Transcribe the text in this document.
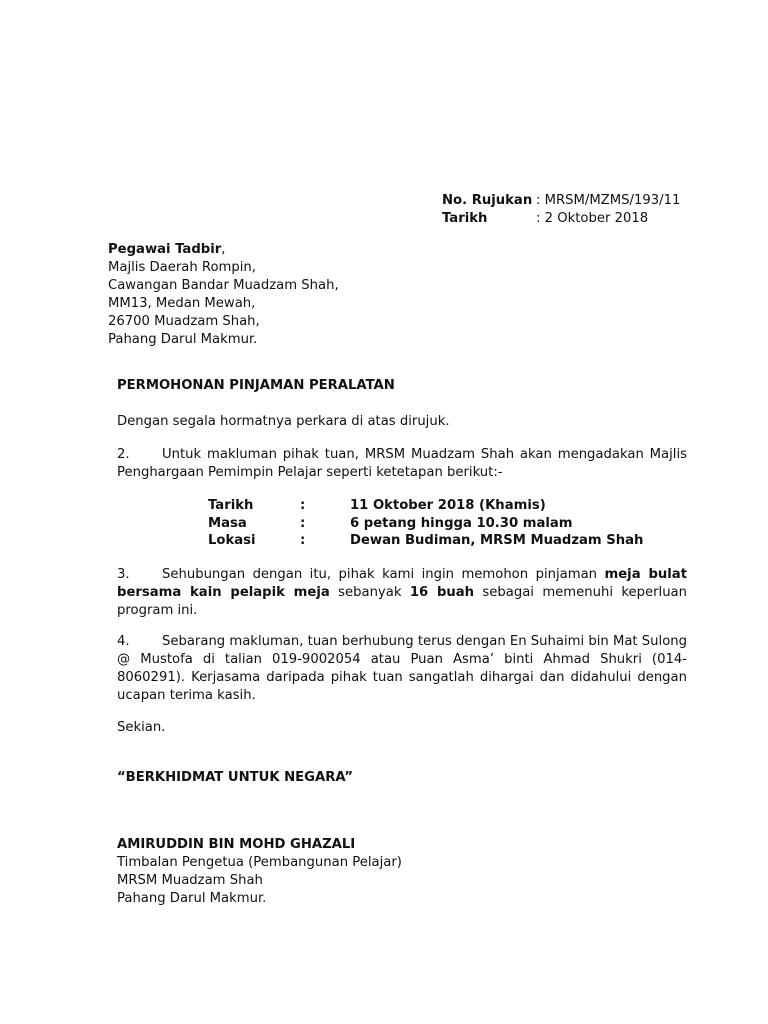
No. Rujukan : MRSM/MZMS/193/11
Tarikh	: 2 Oktober 2018
Pegawai Tadbir,
Majlis Daerah Rompin,
Cawangan Bandar Muadzam Shah,
MM13, Medan Mewah,
26700 Muadzam Shah,
Pahang Darul Makmur.
PERMOHONAN PINJAMAN PERALATAN
Dengan segala hormatnya perkara di atas dirujuk.

2. Untuk makluman pihak tuan, MRSM Muadzam Shah akan mengadakan Majlis Penghargaan Pemimpin Pelajar seperti ketetapan berikut:-

Tarikh	:	11 Oktober 2018 (Khamis)
Masa	:	6 petang hingga 10.30 malam
Lokasi	:	Dewan Budiman, MRSM Muadzam Shah

3. Sehubungan dengan itu, pihak kami ingin memohon pinjaman meja bulat bersama kain pelapik meja sebanyak 16 buah sebagai memenuhi keperluan program ini.

4. Sebarang makluman, tuan berhubung terus dengan En Suhaimi bin Mat Sulong @ Mustofa di talian 019-9002054 atau Puan Asma’ binti Ahmad Shukri (014-8060291). Kerjasama daripada pihak tuan sangatlah dihargai dan didahului dengan ucapan terima kasih.

Sekian.
“BERKHIDMAT UNTUK NEGARA”
AMIRUDDIN BIN MOHD GHAZALI
Timbalan Pengetua (Pembangunan Pelajar)
MRSM Muadzam Shah
Pahang Darul Makmur.
